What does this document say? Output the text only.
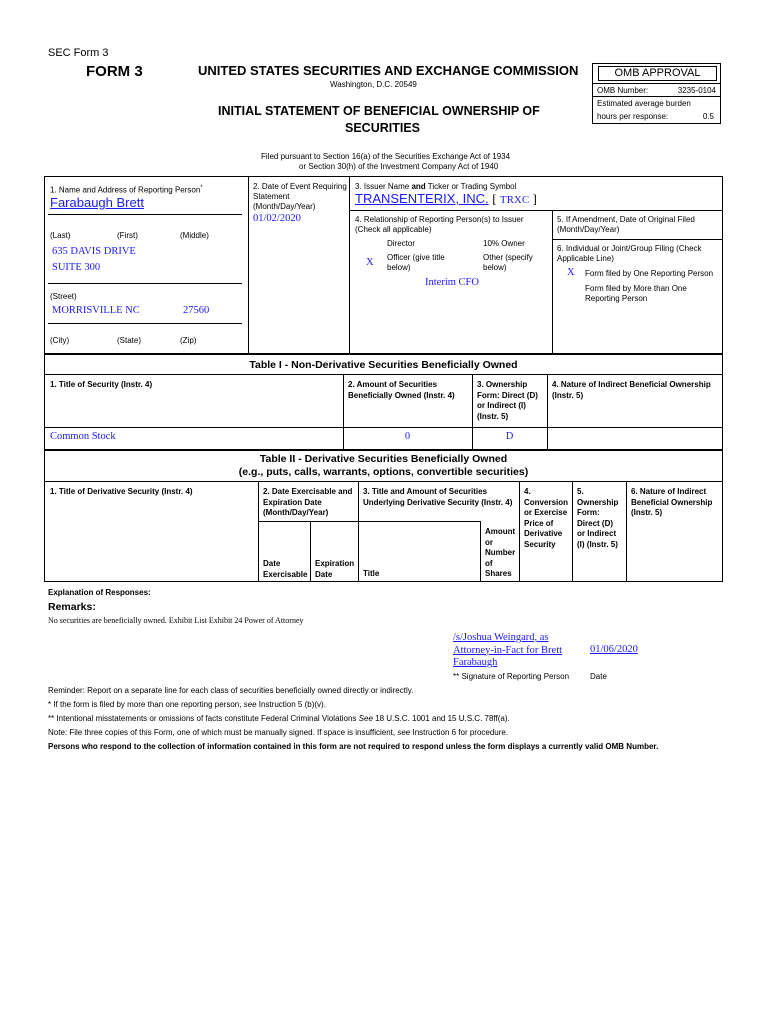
SEC Form 3
FORM 3	UNITED STATES SECURITIES AND EXCHANGE COMMISSION
Washington, D.C. 20549
INITIAL STATEMENT OF BENEFICIAL OWNERSHIP OF
SECURITIES
Filed pursuant to Section 16(a) of the Securities Exchange Act of 1934
or Section 30(h) of the Investment Company Act of 1940
OMB APPROVAL
OMB Number:	3235-0104
Estimated average burden
hours per response:	0.5
1. Name and Address of Reporting Person*
Farabaugh Brett
(Last)	(First)	(Middle)
635 DAVIS DRIVE
SUITE 300
(Street)
MORRISVILLE NC	27560
(City)	(State)	(Zip)
2. Date of Event Requiring
Statement
(Month/Day/Year)
01/02/2020
3. Issuer Name and Ticker or Trading Symbol
TRANSENTERIX, INC. [ TRXC ]
4. Relationship of Reporting Person(s) to Issuer
(Check all applicable)
Director	10% Owner
X Officer (give title
below)
Other (specify
below)
Interim CFO
5. If Amendment, Date of Original Filed
(Month/Day/Year)
6. Individual or Joint/Group Filing (Check
Applicable Line)
X Form filed by One Reporting Person
Form filed by More than One
Reporting Person
Table I - Non-Derivative Securities Beneficially Owned
1. Title of Security (Instr. 4)	2. Amount of Securities
Beneficially Owned (Instr. 4)
3. Ownership
Form: Direct (D)
or Indirect (I)
(Instr. 5)
4. Nature of Indirect Beneficial Ownership
(Instr. 5)
Common Stock	0	D
Table II - Derivative Securities Beneficially Owned
(e.g., puts, calls, warrants, options, convertible securities)
1. Title of Derivative Security (Instr. 4)	2. Date Exercisable and
Expiration Date
(Month/Day/Year)
3. Title and Amount of Securities
Underlying Derivative Security (Instr. 4)
4.
Conversion
or Exercise
Price of
Derivative
Security
5.
Ownership
Form:
Direct (D)
or Indirect
(I) (Instr. 5)
6. Nature of Indirect
Beneficial Ownership
(Instr. 5)
Date
Exercisable
Expiration
Date	Title
Amount
or
Number
of
Shares
Explanation of Responses:
Remarks:
No securities are beneficially owned. Exhibit List Exhibit 24 Power of Attorney
/s/Joshua Weingard, as
Attorney-in-Fact for Brett
Farabaugh
01/06/2020
** Signature of Reporting Person	Date
Reminder: Report on a separate line for each class of securities beneficially owned directly or indirectly.
* If the form is filed by more than one reporting person, see Instruction 5 (b)(v).
** Intentional misstatements or omissions of facts constitute Federal Criminal Violations See 18 U.S.C. 1001 and 15 U.S.C. 78ff(a).
Note: File three copies of this Form, one of which must be manually signed. If space is insufficient, see Instruction 6 for procedure.
Persons who respond to the collection of information contained in this form are not required to respond unless the form displays a currently valid OMB Number.
